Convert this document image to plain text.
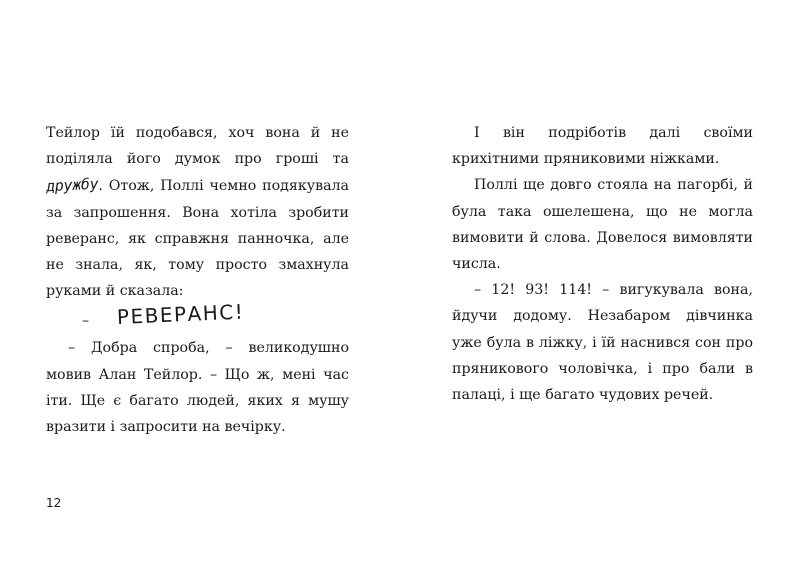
Тейлор їй подобався, хоч вона й не поділяла його думок про гроші та дружбу. Отож, Поллі чемно подякувала за запрошення. Вона хотіла зробити реверанс, як справжня панночка, але не знала, як, тому просто змахнула руками й сказала:

– РЕВЕРАНС!

– Добра спроба, – великодушно мовив Алан Тейлор. – Що ж, мені час іти. Ще є багато людей, яких я мушу вразити і запросити на вечірку.

12

І він подріботів далі своїми крихітними пряниковими ніжками.

Поллі ще довго стояла на пагорбі, й була така ошелешена, що не могла вимовити й слова. Довелося вимовляти числа.

– 12! 93! 114! – вигукувала вона, йдучи додому. Незабаром дівчинка уже була в ліжку, і їй наснився сон про пряникового чоловічка, і про бали в палаці, і ще багато чудових речей.
